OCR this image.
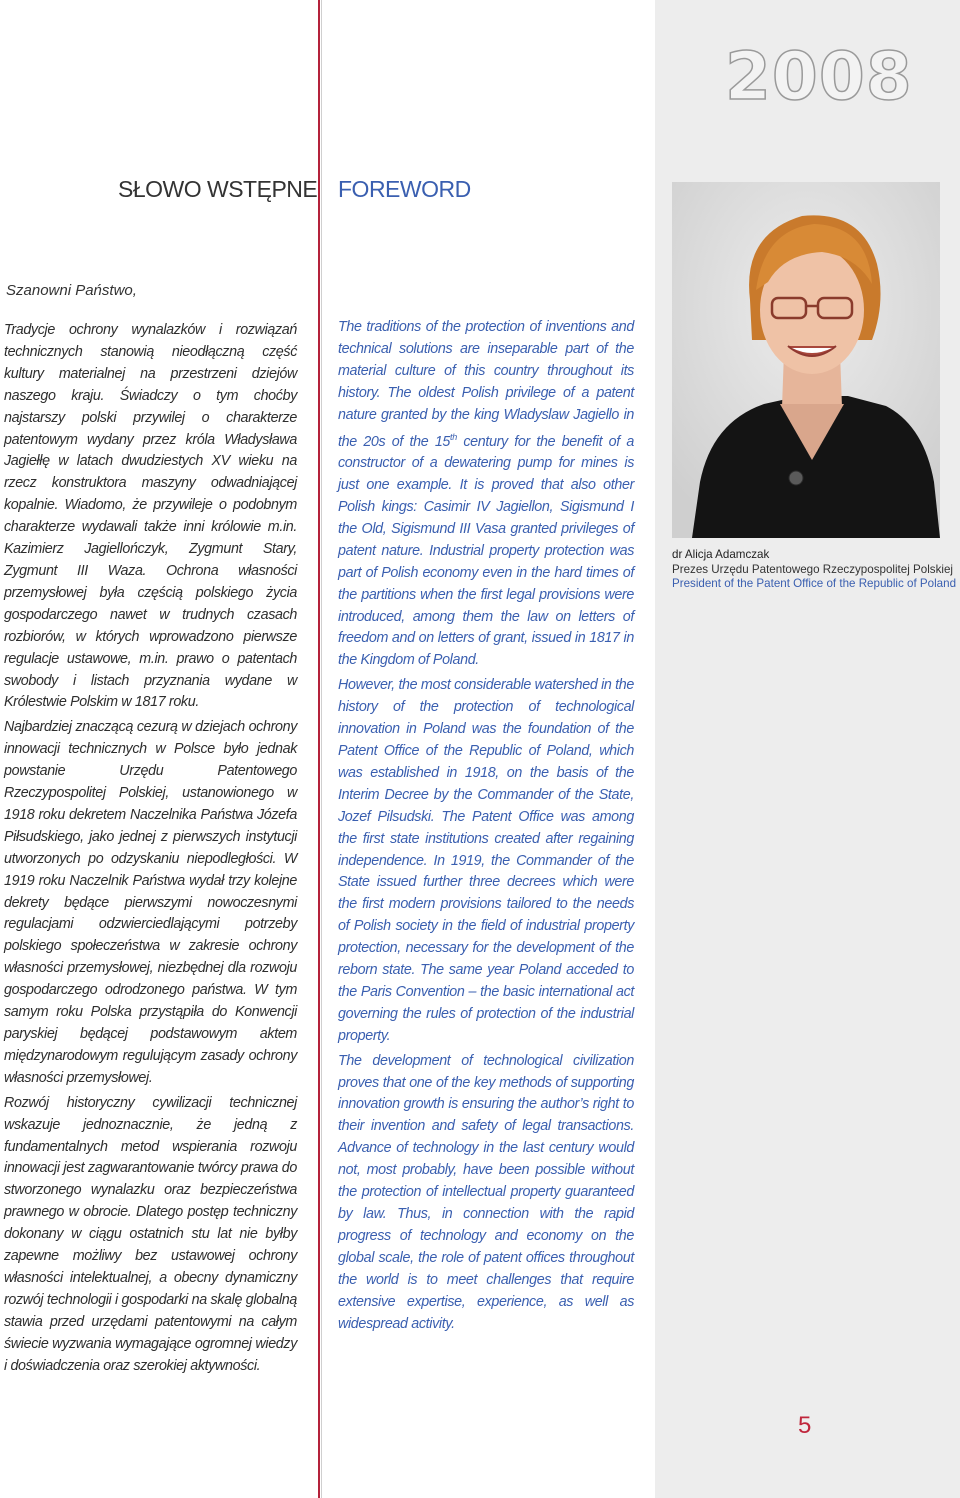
2008
SŁOWO WSTĘPNE FOREWORD
Szanowni Państwo,

Tradycje ochrony wynalazków i rozwiązań technicznych stanowią nieodłączną część kultury materialnej na przestrzeni dziejów naszego kraju. Świadczy o tym choćby najstarszy polski przywilej o charakterze patentowym wydany przez króla Władysława Jagiełłę w latach dwudziestych XV wieku na rzecz konstruktora maszyny odwadniającej kopalnie. Wiadomo, że przywileje o podobnym charakterze wydawali także inni królowie m.in. Kazimierz Jagiellończyk, Zygmunt Stary, Zygmunt III Waza. Ochrona własności przemysłowej była częścią polskiego życia gospodarczego nawet w trudnych czasach rozbiorów, w których wprowadzono pierwsze regulacje ustawowe, m.in. prawo o patentach swobody i listach przyznania wydane w Królestwie Polskim w 1817 roku.

Najbardziej znaczącą cezurą w dziejach ochrony innowacji technicznych w Polsce było jednak powstanie Urzędu Patentowego Rzeczypospolitej Polskiej, ustanowionego w 1918 roku dekretem Naczelnika Państwa Józefa Piłsudskiego, jako jednej z pierwszych instytucji utworzonych po odzyskaniu niepodległości. W 1919 roku Naczelnik Państwa wydał trzy kolejne dekrety będące pierwszymi nowoczesnymi regulacjami odzwierciedlającymi potrzeby polskiego społeczeństwa w zakresie ochrony własności przemysłowej, niezbędnej dla rozwoju gospodarczego odrodzonego państwa. W tym samym roku Polska przystąpiła do Konwencji paryskiej będącej podstawowym aktem międzynarodowym regulującym zasady ochrony własności przemysłowej.

Rozwój historyczny cywilizacji technicznej wskazuje jednoznacznie, że jedną z fundamentalnych metod wspierania rozwoju innowacji jest zagwarantowanie twórcy prawa do stworzonego wynalazku oraz bezpieczeństwa prawnego w obrocie. Dlatego postęp techniczny dokonany w ciągu ostatnich stu lat nie byłby zapewne możliwy bez ustawowej ochrony własności intelektualnej, a obecny dynamiczny rozwój technologii i gospodarki na skalę globalną stawia przed urzędami patentowymi na całym świecie wyzwania wymagające ogromnej wiedzy i doświadczenia oraz szerokiej aktywności.

The traditions of the protection of inventions and technical solutions are inseparable part of the material culture of this country throughout its history. The oldest Polish privilege of a patent nature granted by the king Wladyslaw Jagiello in the 20s of the 15th century for the benefit of a constructor of a dewatering pump for mines is just one example. It is proved that also other Polish kings: Casimir IV Jagiellon, Sigismund I the Old, Sigismund III Vasa granted privileges of patent nature. Industrial property protection was part of Polish economy even in the hard times of the partitions when the first legal provisions were introduced, among them the law on letters of freedom and on letters of grant, issued in 1817 in the Kingdom of Poland.

However, the most considerable watershed in the history of the protection of technological innovation in Poland was the foundation of the Patent Office of the Republic of Poland, which was established in 1918, on the basis of the Interim Decree by the Commander of the State, Jozef Pilsudski. The Patent Office was among the first state institutions created after regaining independence. In 1919, the Commander of the State issued further three decrees which were the first modern provisions tailored to the needs of Polish society in the field of industrial property protection, necessary for the development of the reborn state. The same year Poland acceded to the Paris Convention – the basic international act governing the rules of protection of the industrial property.

The development of technological civilization proves that one of the key methods of supporting innovation growth is ensuring the author’s right to their invention and safety of legal transactions. Advance of technology in the last century would not, most probably, have been possible without the protection of intellectual property guaranteed by law. Thus, in connection with the rapid progress of technology and economy on the global scale, the role of patent offices throughout the world is to meet challenges that require extensive expertise, experience, as well as widespread activity.

dr Alicja Adamczak
Prezes Urzędu Patentowego Rzeczypospolitej Polskiej
President of the Patent Office of the Republic of Poland
5
